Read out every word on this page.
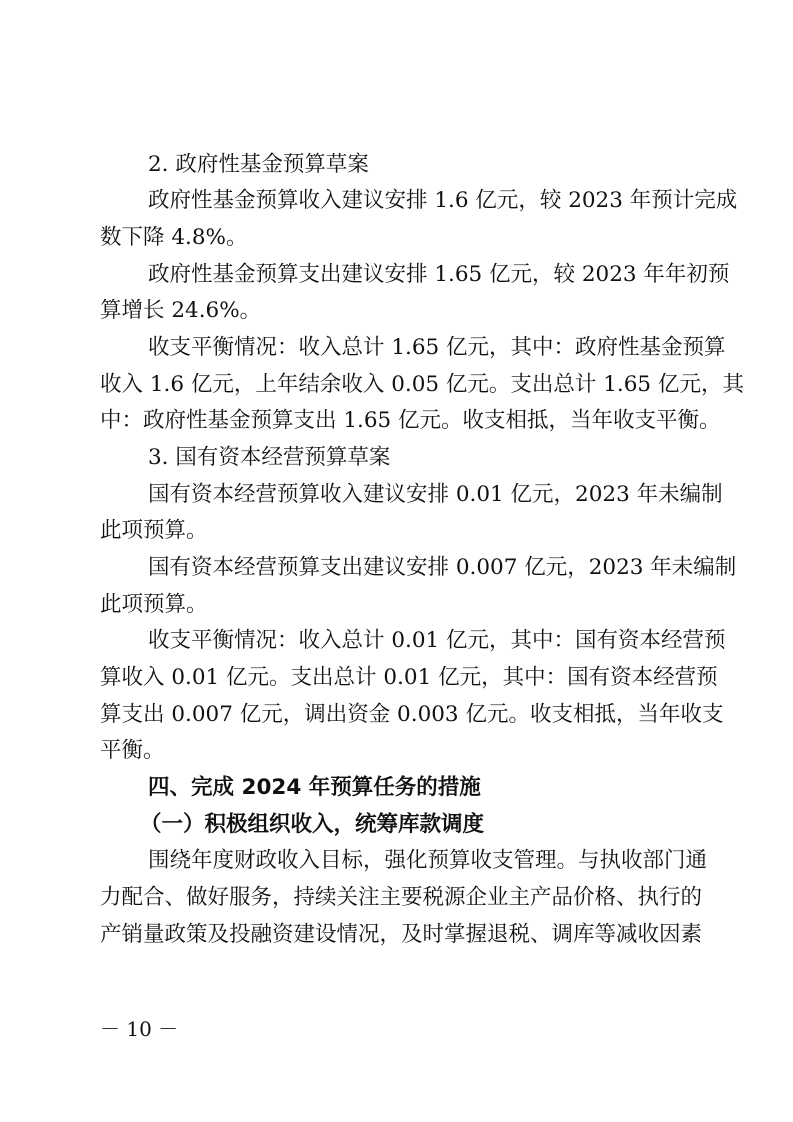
2. 政府性基金预算草案
政府性基金预算收入建议安排 1.6 亿元，较 2023 年预计完成
数下降 4.8%。
政府性基金预算支出建议安排 1.65 亿元，较 2023 年年初预
算增长 24.6%。
收支平衡情况：收入总计 1.65 亿元，其中：政府性基金预算
收入 1.6 亿元，上年结余收入 0.05 亿元。支出总计 1.65 亿元，其
中：政府性基金预算支出 1.65 亿元。收支相抵，当年收支平衡。
3. 国有资本经营预算草案
国有资本经营预算收入建议安排 0.01 亿元，2023 年未编制
此项预算。
国有资本经营预算支出建议安排 0.007 亿元，2023 年未编制
此项预算。
收支平衡情况：收入总计 0.01 亿元，其中：国有资本经营预
算收入 0.01 亿元。支出总计 0.01 亿元，其中：国有资本经营预
算支出 0.007 亿元，调出资金 0.003 亿元。收支相抵，当年收支
平衡。
四、完成 2024 年预算任务的措施
（一）积极组织收入，统筹库款调度
围绕年度财政收入目标，强化预算收支管理。与执收部门通
力配合、做好服务，持续关注主要税源企业主产品价格、执行的
产销量政策及投融资建设情况，及时掌握退税、调库等减收因素
－ 10 －
